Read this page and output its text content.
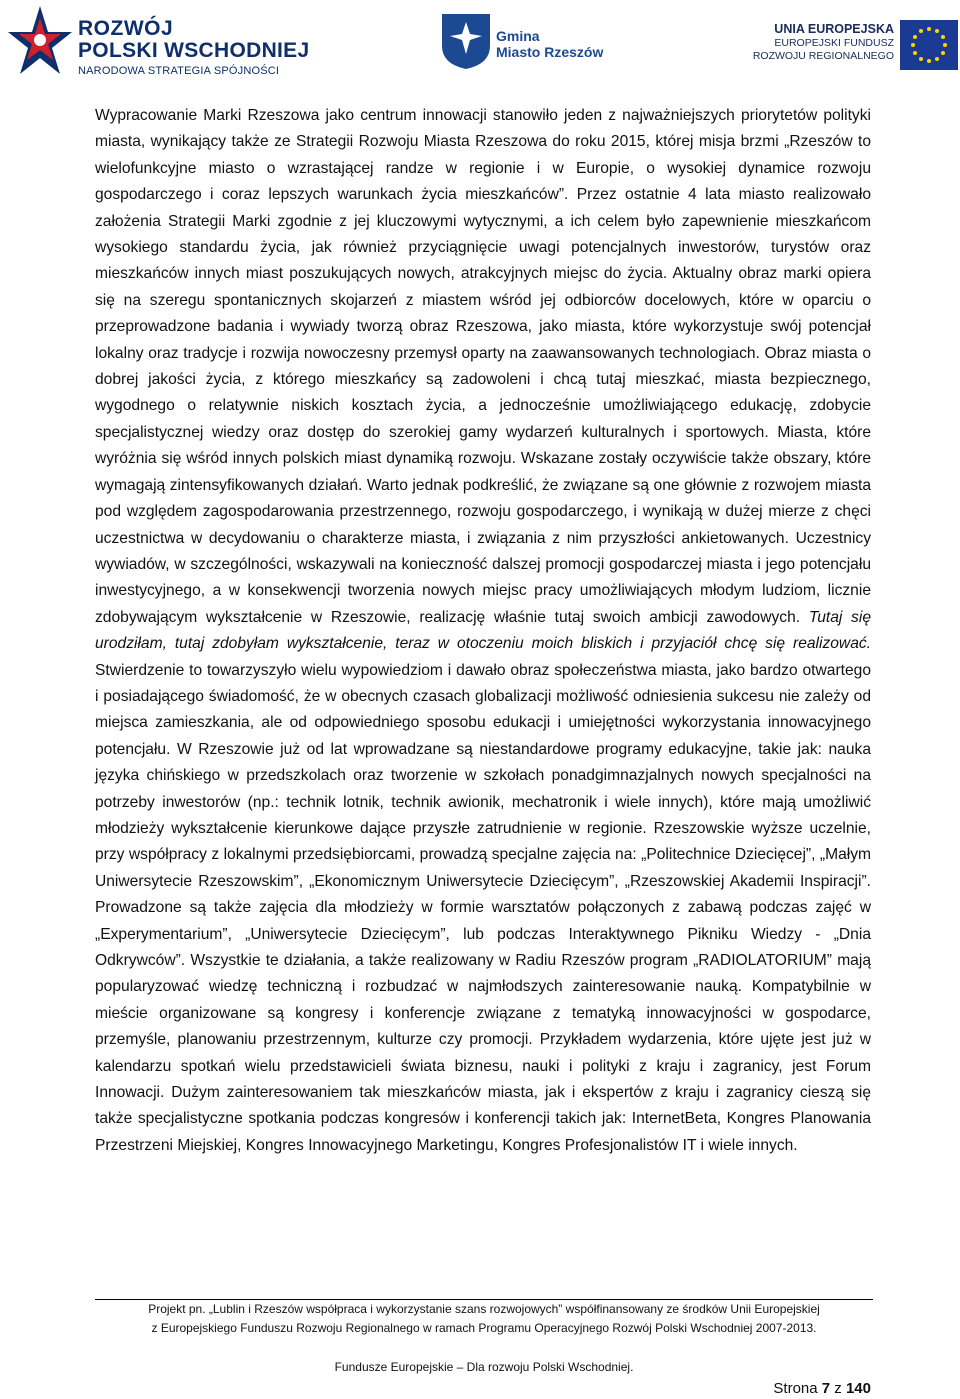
ROZWÓJ
POLSKI WSCHODNIEJ
NARODOWA STRATEGIA SPÓJNOŚCI
Gmina
Miasto Rzeszów
UNIA EUROPEJSKA
EUROPEJSKI FUNDUSZ
ROZWOJU REGIONALNEGO

Wypracowanie Marki Rzeszowa jako centrum innowacji stanowiło jeden z najważniejszych priorytetów polityki miasta, wynikający także ze Strategii Rozwoju Miasta Rzeszowa do roku 2015, której misja brzmi „Rzeszów to wielofunkcyjne miasto o wzrastającej randze w regionie i w Europie, o wysokiej dynamice rozwoju gospodarczego i coraz lepszych warunkach życia mieszkańców”. Przez ostatnie 4 lata miasto realizowało założenia Strategii Marki zgodnie z jej kluczowymi wytycznymi, a ich celem było zapewnienie mieszkańcom wysokiego standardu życia, jak również przyciągnięcie uwagi potencjalnych inwestorów, turystów oraz mieszkańców innych miast poszukujących nowych, atrakcyjnych miejsc do życia. Aktualny obraz marki opiera się na szeregu spontanicznych skojarzeń z miastem wśród jej odbiorców docelowych, które w oparciu o przeprowadzone badania i wywiady tworzą obraz Rzeszowa, jako miasta, które wykorzystuje swój potencjał lokalny oraz tradycje i rozwija nowoczesny przemysł oparty na zaawansowanych technologiach. Obraz miasta o dobrej jakości życia, z którego mieszkańcy są zadowoleni i chcą tutaj mieszkać, miasta bezpiecznego, wygodnego o relatywnie niskich kosztach życia, a jednocześnie umożliwiającego edukację, zdobycie specjalistycznej wiedzy oraz dostęp do szerokiej gamy wydarzeń kulturalnych i sportowych. Miasta, które wyróżnia się wśród innych polskich miast dynamiką rozwoju. Wskazane zostały oczywiście także obszary, które wymagają zintensyfikowanych działań. Warto jednak podkreślić, że związane są one głównie z rozwojem miasta pod względem zagospodarowania przestrzennego, rozwoju gospodarczego, i wynikają w dużej mierze z chęci uczestnictwa w decydowaniu o charakterze miasta, i związania z nim przyszłości ankietowanych. Uczestnicy wywiadów, w szczególności, wskazywali na konieczność dalszej promocji gospodarczej miasta i jego potencjału inwestycyjnego, a w konsekwencji tworzenia nowych miejsc pracy umożliwiających młodym ludziom, licznie zdobywającym wykształcenie w Rzeszowie, realizację właśnie tutaj swoich ambicji zawodowych. Tutaj się urodziłam, tutaj zdobyłam wykształcenie, teraz w otoczeniu moich bliskich i przyjaciół chcę się realizować. Stwierdzenie to towarzyszyło wielu wypowiedziom i dawało obraz społeczeństwa miasta, jako bardzo otwartego i posiadającego świadomość, że w obecnych czasach globalizacji możliwość odniesienia sukcesu nie zależy od miejsca zamieszkania, ale od odpowiedniego sposobu edukacji i umiejętności wykorzystania innowacyjnego potencjału. W Rzeszowie już od lat wprowadzane są niestandardowe programy edukacyjne, takie jak: nauka języka chińskiego w przedszkolach oraz tworzenie w szkołach ponadgimnazjalnych nowych specjalności na potrzeby inwestorów (np.: technik lotnik, technik awionik, mechatronik i wiele innych), które mają umożliwić młodzieży wykształcenie kierunkowe dające przyszłe zatrudnienie w regionie. Rzeszowskie wyższe uczelnie, przy współpracy z lokalnymi przedsiębiorcami, prowadzą specjalne zajęcia na: „Politechnice Dziecięcej”, „Małym Uniwersytecie Rzeszowskim”, „Ekonomicznym Uniwersytecie Dziecięcym”, „Rzeszowskiej Akademii Inspiracji”. Prowadzone są także zajęcia dla młodzieży w formie warsztatów połączonych z zabawą podczas zajęć w „Experymentarium”, „Uniwersytecie Dziecięcym”, lub podczas Interaktywnego Pikniku Wiedzy - „Dnia Odkrywców”. Wszystkie te działania, a także realizowany w Radiu Rzeszów program „RADIOLATORIUM” mają popularyzować wiedzę techniczną i rozbudzać w najmłodszych zainteresowanie nauką. Kompatybilnie w mieście organizowane są kongresy i konferencje związane z tematyką innowacyjności w gospodarce, przemyśle, planowaniu przestrzennym, kulturze czy promocji. Przykładem wydarzenia, które ujęte jest już w kalendarzu spotkań wielu przedstawicieli świata biznesu, nauki i polityki z kraju i zagranicy, jest Forum Innowacji. Dużym zainteresowaniem tak mieszkańców miasta, jak i ekspertów z kraju i zagranicy cieszą się także specjalistyczne spotkania podczas kongresów i konferencji takich jak: InternetBeta, Kongres Planowania Przestrzeni Miejskiej, Kongres Innowacyjnego Marketingu, Kongres Profesjonalistów IT i wiele innych.

Projekt pn. „Lublin i Rzeszów współpraca i wykorzystanie szans rozwojowych” współfinansowany ze środków Unii Europejskiej
z Europejskiego Funduszu Rozwoju Regionalnego w ramach Programu Operacyjnego Rozwój Polski Wschodniej 2007-2013.
Fundusze Europejskie – Dla rozwoju Polski Wschodniej.
Strona 7 z 140
